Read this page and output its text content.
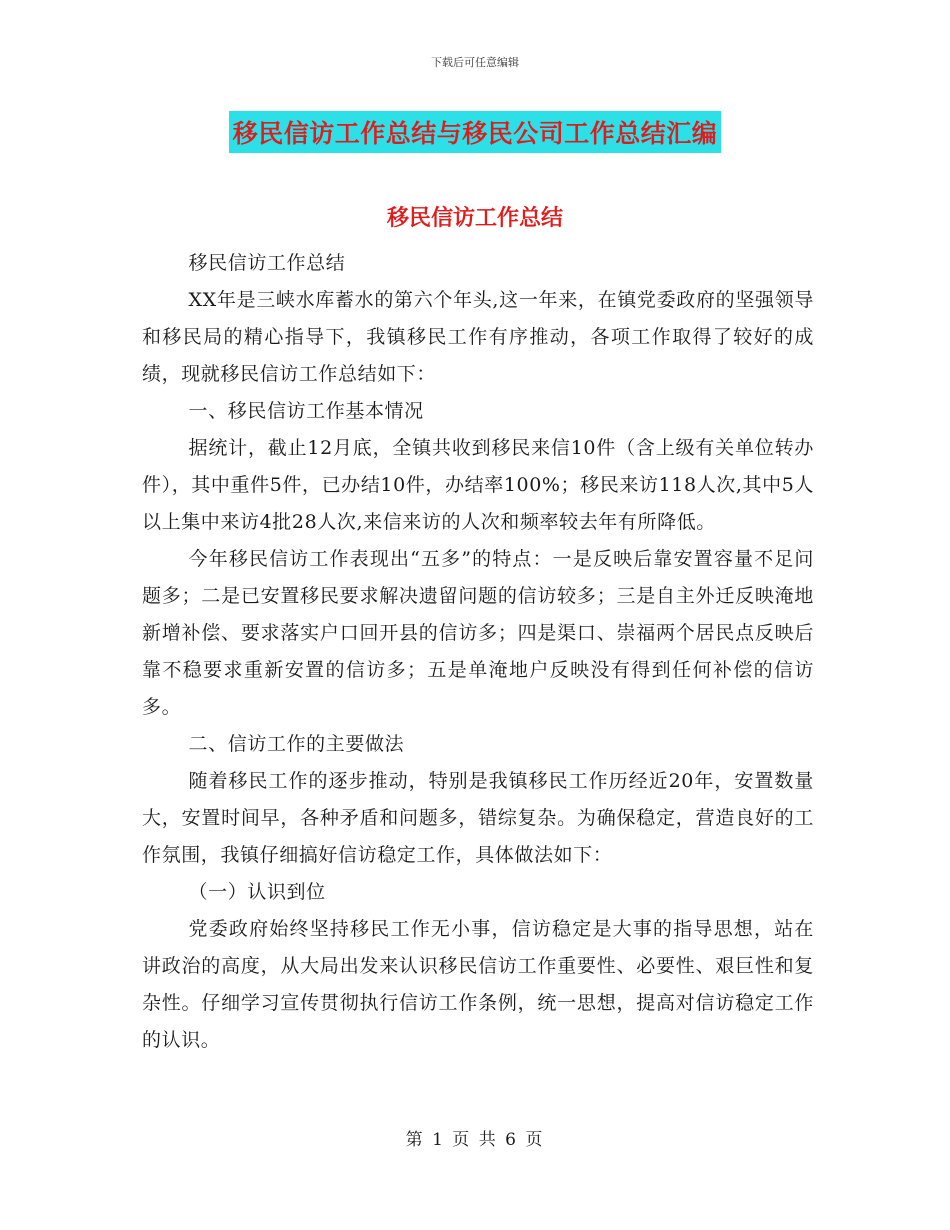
下载后可任意编辑
移民信访工作总结与移民公司工作总结汇编
移民信访工作总结

移民信访工作总结

XX年是三峡水库蓄水的第六个年头,这一年来，在镇党委政府的坚强领导和移民局的精心指导下，我镇移民工作有序推动，各项工作取得了较好的成绩，现就移民信访工作总结如下：

一、移民信访工作基本情况

据统计，截止12月底，全镇共收到移民来信10件（含上级有关单位转办件），其中重件5件，已办结10件，办结率100%；移民来访118人次,其中5人以上集中来访4批28人次,来信来访的人次和频率较去年有所降低。

今年移民信访工作表现出“五多”的特点：一是反映后靠安置容量不足问题多；二是已安置移民要求解决遗留问题的信访较多；三是自主外迁反映淹地新增补偿、要求落实户口回开县的信访多；四是渠口、崇福两个居民点反映后靠不稳要求重新安置的信访多；五是单淹地户反映没有得到任何补偿的信访多。

二、信访工作的主要做法

随着移民工作的逐步推动，特别是我镇移民工作历经近20年，安置数量大，安置时间早，各种矛盾和问题多，错综复杂。为确保稳定，营造良好的工作氛围，我镇仔细搞好信访稳定工作，具体做法如下：

（一）认识到位

党委政府始终坚持移民工作无小事，信访稳定是大事的指导思想，站在讲政治的高度，从大局出发来认识移民信访工作重要性、必要性、艰巨性和复杂性。仔细学习宣传贯彻执行信访工作条例，统一思想，提高对信访稳定工作的认识。

第 1 页 共 6 页
